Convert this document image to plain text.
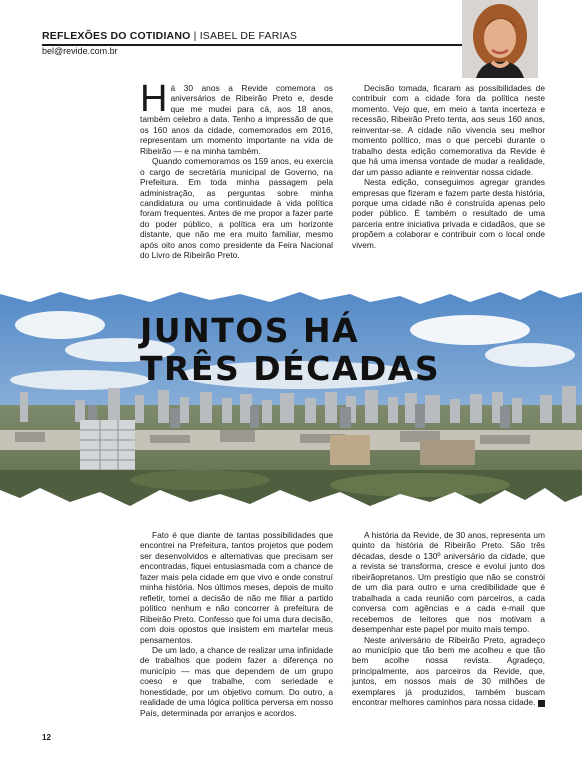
REFLEXÕES DO COTIDIANO | ISABEL DE FARIAS
bel@revide.com.br

Há 30 anos a Revide comemora os aniversários de Ribeirão Preto e, desde que me mudei para cá, aos 18 anos, também celebro a data. Tenho a impressão de que os 160 anos da cidade, comemorados em 2016, representam um momento importante na vida de Ribeirão — e na minha também.

Quando comemoramos os 159 anos, eu exercia o cargo de secretária municipal de Governo, na Prefeitura. Em toda minha passagem pela administração, as perguntas sobre minha candidatura ou uma continuidade à vida política foram frequentes. Antes de me propor a fazer parte do poder público, a política era um horizonte distante, que não me era muito familiar, mesmo após oito anos como presidente da Feira Nacional do Livro de Ribeirão Preto.

Decisão tomada, ficaram as possibilidades de contribuir com a cidade fora da política neste momento. Vejo que, em meio a tanta incerteza e recessão, Ribeirão Preto tenta, aos seus 160 anos, reinventar-se. A cidade não vivencia seu melhor momento político, mas o que percebi durante o trabalho desta edição comemorativa da Revide é que há uma imensa vontade de mudar a realidade, dar um passo adiante e reinventar nossa cidade.

Nesta edição, conseguimos agregar grandes empresas que fizeram e fazem parte desta história, porque uma cidade não é construída apenas pelo poder público. É também o resultado de uma parceria entre iniciativa privada e cidadãos, que se propõem a colaborar e contribuir com o local onde vivem.

JUNTOS HÁ
TRÊS DÉCADAS

Fato é que diante de tantas possibilidades que encontrei na Prefeitura, tantos projetos que podem ser desenvolvidos e alternativas que precisam ser encontradas, fiquei entusiasmada com a chance de fazer mais pela cidade em que vivo e onde construí minha história. Nos últimos meses, depois de muito refletir, tomei a decisão de não me filiar a partido político nenhum e não concorrer à prefeitura de Ribeirão Preto. Confesso que foi uma dura decisão, com dois opostos que insistem em martelar meus pensamentos.

De um lado, a chance de realizar uma infinidade de trabalhos que podem fazer a diferença no município — mas que dependem de um grupo coeso e que trabalhe, com seriedade e honestidade, por um objetivo comum. Do outro, a realidade de uma lógica política perversa em nosso País, determinada por arranjos e acordos.

A história da Revide, de 30 anos, representa um quinto da história de Ribeirão Preto. São três décadas, desde o 130º aniversário da cidade, que a revista se transforma, cresce e evolui junto dos ribeirãopretanos. Um prestígio que não se constrói de um dia para outro e uma credibilidade que é trabalhada a cada reunião com parceiros, a cada conversa com agências e a cada e-mail que recebemos de leitores que nos motivam a desempenhar este papel por muito mais tempo.

Neste aniversário de Ribeirão Preto, agradeço ao município que tão bem me acolheu e que tão bem acolhe nossa revista. Agradeço, principalmente, aos parceiros da Revide, que, juntos, em nossos mais de 30 milhões de exemplares já produzidos, também buscam encontrar melhores caminhos para nossa cidade.

12
